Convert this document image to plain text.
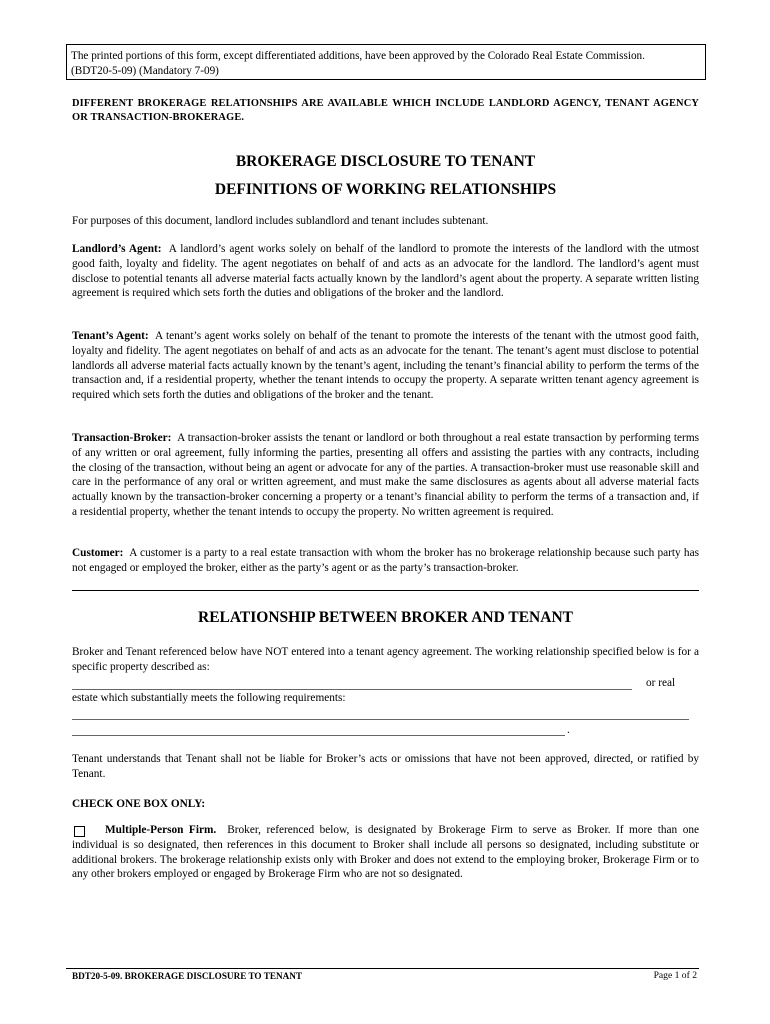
The printed portions of this form, except differentiated additions, have been approved by the Colorado Real Estate Commission.
(BDT20-5-09) (Mandatory 7-09)
DIFFERENT BROKERAGE RELATIONSHIPS ARE AVAILABLE WHICH INCLUDE LANDLORD AGENCY, TENANT AGENCY OR TRANSACTION-BROKERAGE.
BROKERAGE DISCLOSURE TO TENANT
DEFINITIONS OF WORKING RELATIONSHIPS
For purposes of this document, landlord includes sublandlord and tenant includes subtenant.
Landlord’s Agent: A landlord’s agent works solely on behalf of the landlord to promote the interests of the landlord with the utmost good faith, loyalty and fidelity. The agent negotiates on behalf of and acts as an advocate for the landlord. The landlord’s agent must disclose to potential tenants all adverse material facts actually known by the landlord’s agent about the property. A separate written listing agreement is required which sets forth the duties and obligations of the broker and the landlord.
Tenant’s Agent: A tenant’s agent works solely on behalf of the tenant to promote the interests of the tenant with the utmost good faith, loyalty and fidelity. The agent negotiates on behalf of and acts as an advocate for the tenant. The tenant’s agent must disclose to potential landlords all adverse material facts actually known by the tenant’s agent, including the tenant’s financial ability to perform the terms of the transaction and, if a residential property, whether the tenant intends to occupy the property. A separate written tenant agency agreement is required which sets forth the duties and obligations of the broker and the tenant.
Transaction-Broker: A transaction-broker assists the tenant or landlord or both throughout a real estate transaction by performing terms of any written or oral agreement, fully informing the parties, presenting all offers and assisting the parties with any contracts, including the closing of the transaction, without being an agent or advocate for any of the parties. A transaction-broker must use reasonable skill and care in the performance of any oral or written agreement, and must make the same disclosures as agents about all adverse material facts actually known by the transaction-broker concerning a property or a tenant’s financial ability to perform the terms of a transaction and, if a residential property, whether the tenant intends to occupy the property. No written agreement is required.
Customer: A customer is a party to a real estate transaction with whom the broker has no brokerage relationship because such party has not engaged or employed the broker, either as the party’s agent or as the party’s transaction-broker.
RELATIONSHIP BETWEEN BROKER AND TENANT
Broker and Tenant referenced below have NOT entered into a tenant agency agreement. The working relationship specified below is for a specific property described as:
or real
estate which substantially meets the following requirements:
.
Tenant understands that Tenant shall not be liable for Broker’s acts or omissions that have not been approved, directed, or ratified by Tenant.
CHECK ONE BOX ONLY:
Multiple-Person Firm. Broker, referenced below, is designated by Brokerage Firm to serve as Broker. If more than one individual is so designated, then references in this document to Broker shall include all persons so designated, including substitute or additional brokers. The brokerage relationship exists only with Broker and does not extend to the employing broker, Brokerage Firm or to any other brokers employed or engaged by Brokerage Firm who are not so designated.
BDT20-5-09. BROKERAGE DISCLOSURE TO TENANT	Page 1 of 2
